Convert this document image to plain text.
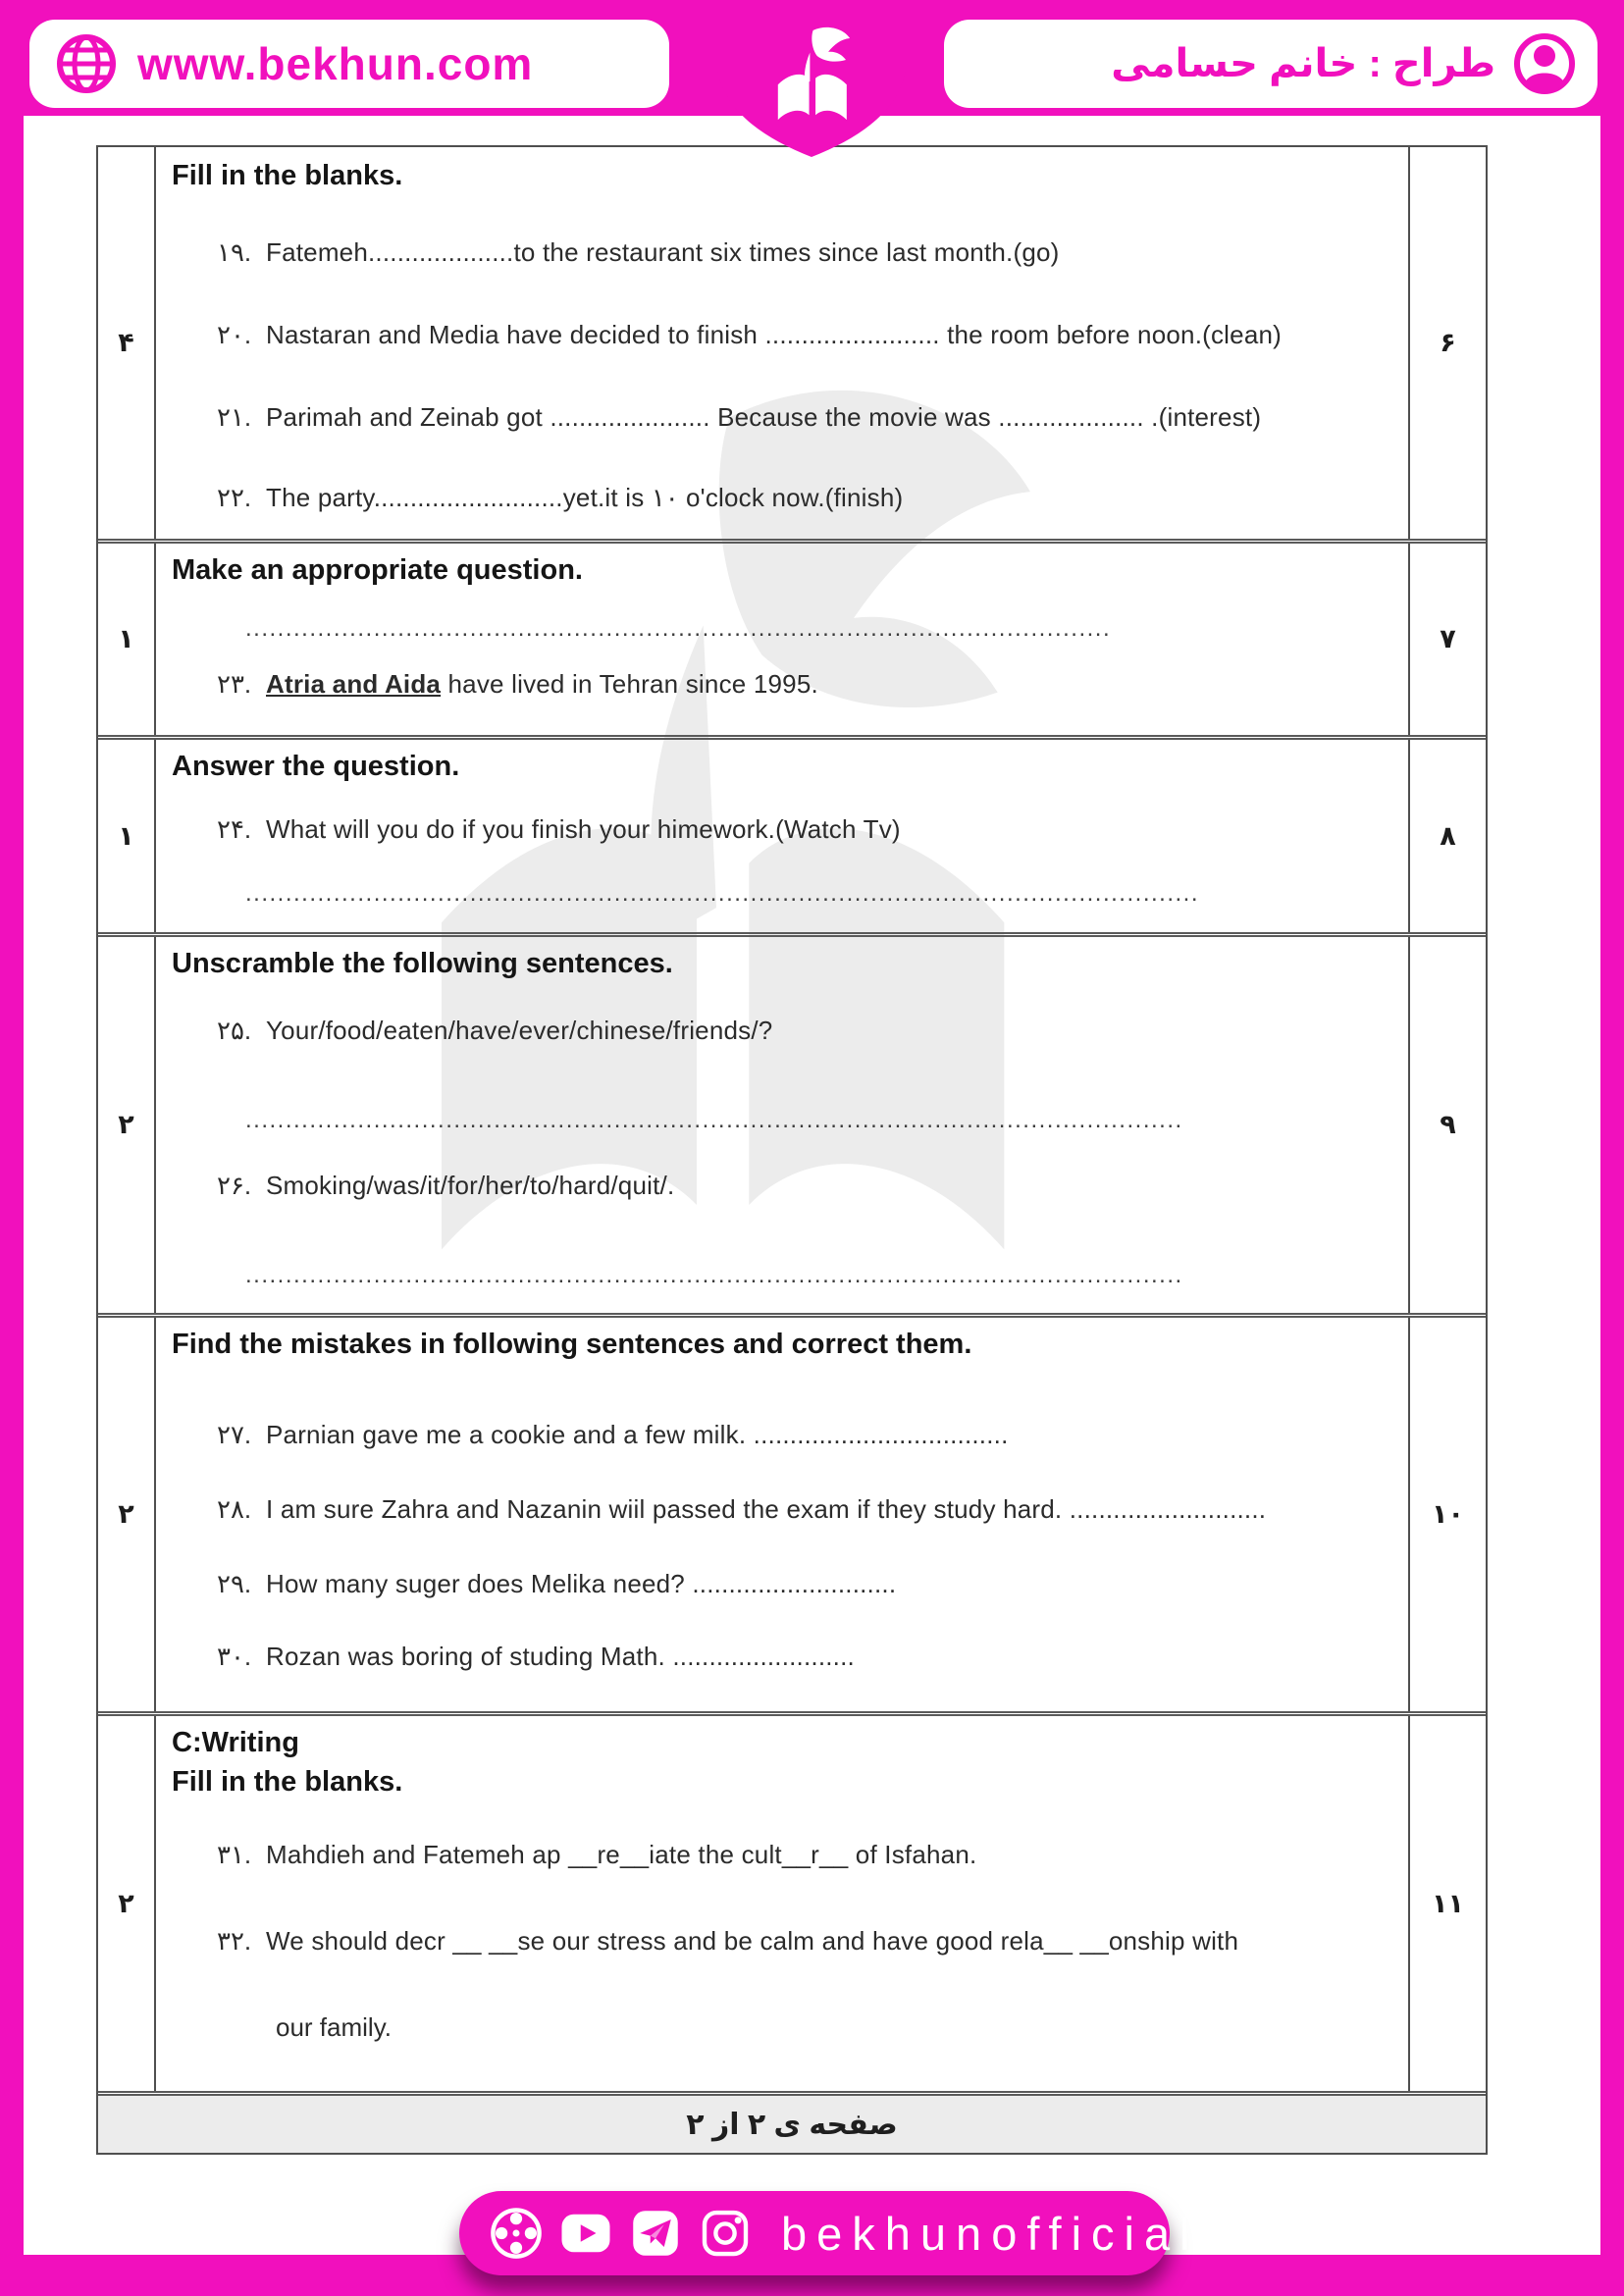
www.bekhun.com	طراح : خانم حسامی
۴
Fill in the blanks.
۱۹. Fatemeh....................to the restaurant six times since last month.(go)
۲۰. Nastaran and Media have decided to finish ........................ the room before noon.(clean)
۲۱. Parimah and Zeinab got ...................... Because the movie was .................... .(interest)
۲۲. The party..........................yet.it is ۱۰ o'clock now.(finish)
۶
۱
Make an appropriate question.
............................................................................................................
۲۳. Atria and Aida have lived in Tehran since 1995.
۷
۱
Answer the question.
۲۴. What will you do if you finish your himework.(Watch Tv)
.......................................................................................................................
۸
۲
Unscramble the following sentences.
۲۵. Your/food/eaten/have/ever/chinese/friends/?
.....................................................................................................................
۲۶. Smoking/was/it/for/her/to/hard/quit/.
.....................................................................................................................
۹
۲
Find the mistakes in following sentences and correct them.
۲۷. Parnian gave me a cookie and a few milk. ...................................
۲۸. I am sure Zahra and Nazanin wiil passed the exam if they study hard. ...........................
۲۹. How many suger does Melika need? ............................
۳۰. Rozan was boring of studing Math. .........................
۱۰
۲
C:Writing
Fill in the blanks.
۳۱. Mahdieh and Fatemeh ap __re__iate the cult__r__ of Isfahan.
۳۲. We should decr __ __se our stress and be calm and have good rela__ __onship with
our family.
۱۱
صفحه ی ۲ از ۲
bekhunofficial
